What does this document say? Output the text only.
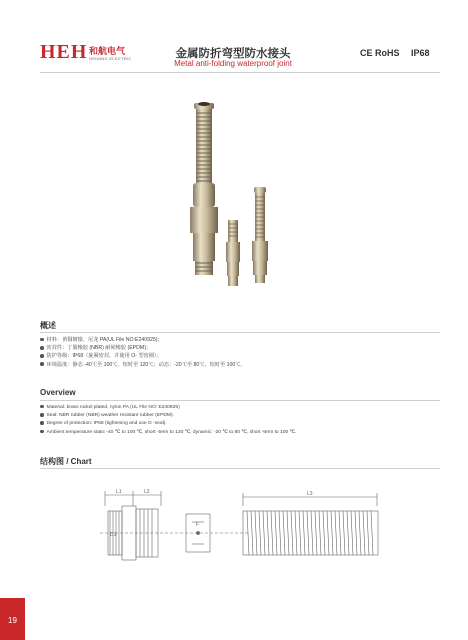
HEH 和航电气
HEHANG ELECTRIC	金属防折弯型防水接头
Metal anti-folding waterproof joint
CE RoHS IP68
概述
材料：黄铜镀镍，尼龙 PA(UL File NO:E240925)；
密封件：丁腈橡胶 (NBR) 耐候橡胶 (EPDM)；
防护等级：IP68（旋紧密封，并使用 O- 型密圈）；
环境温度：静态 -40℃至 100℃，短时至 120℃；动态：-20℃至 80℃，短时至 100℃。
Overview
Material: brass nickel plated, nylon PA (UL File NO: E240925)
Seal: NBR rubber (NBR) weather resistant rubber (EPDM).
Degree of protection: IP68 (tightening and use O -seal).
Ambient temperature static -40 ℃ to 100 ℃, short -term to 120 ℃; dynamic: -20 ℃ to 80 ℃, short -term to 100 ℃.
结构图 / Chart
L1	L2	L3
D1
F
19
